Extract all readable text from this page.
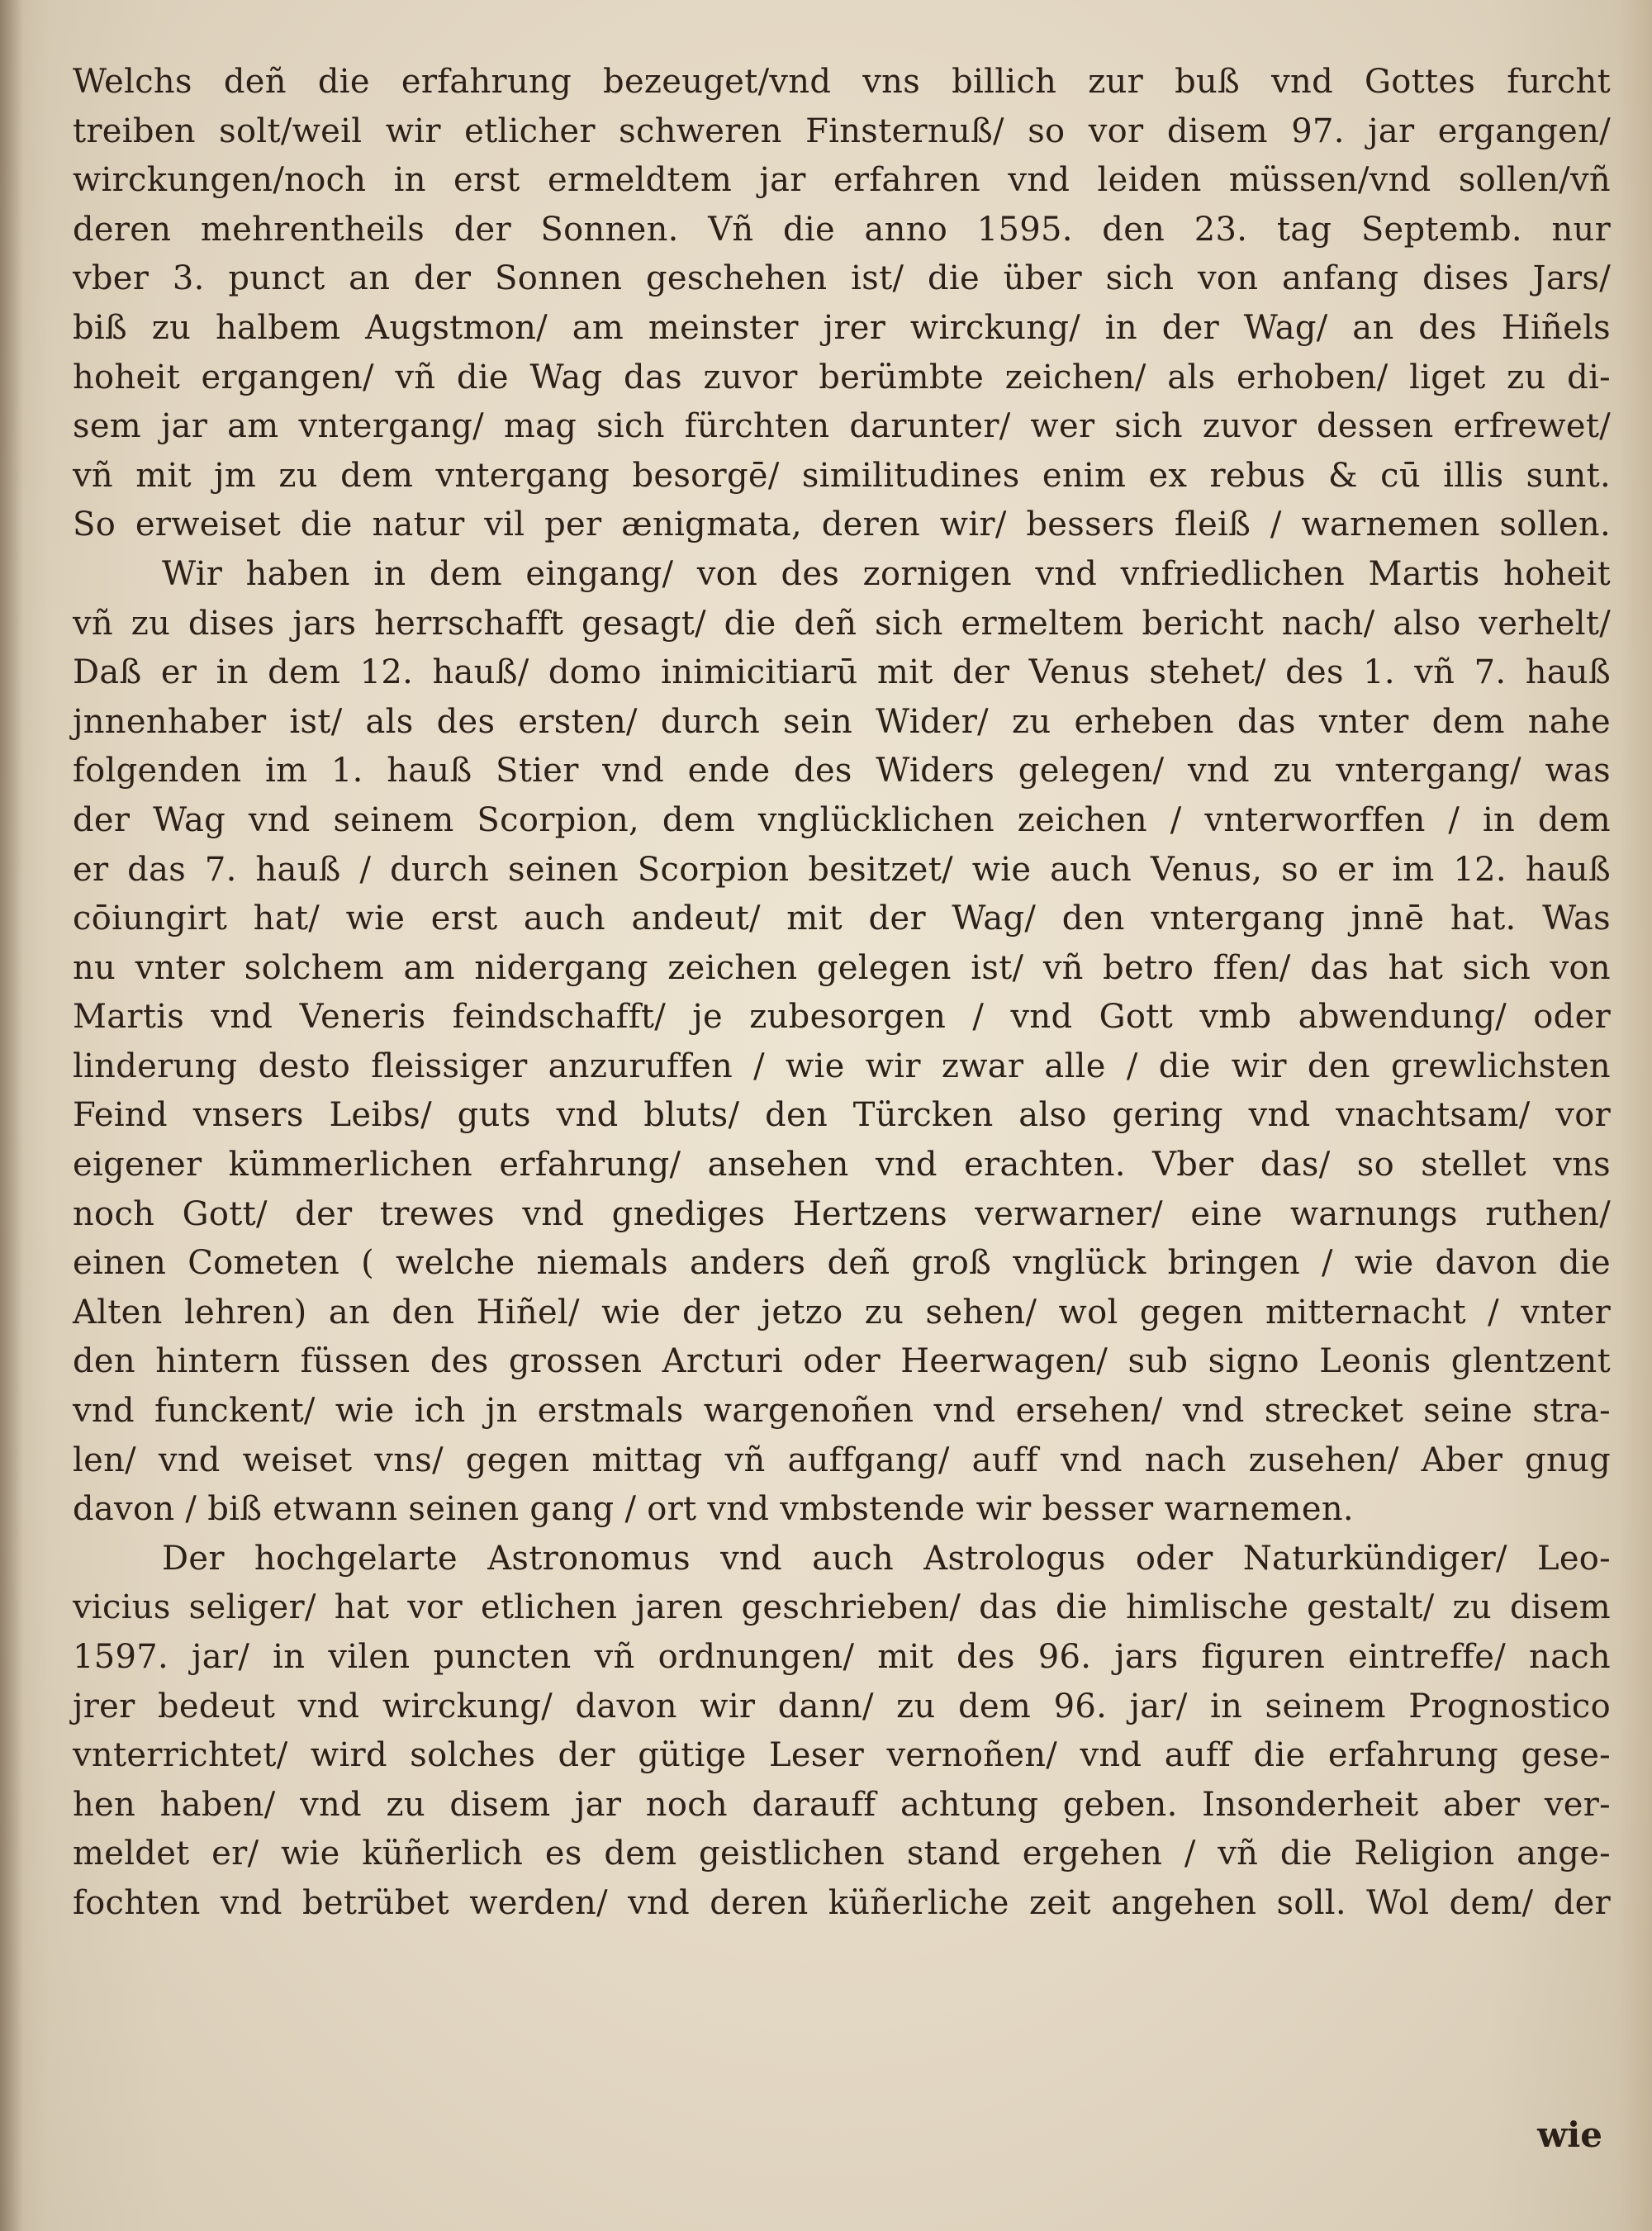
Welchs deñ die erfahrung bezeuget/vnd vns billich zur buß vnd Gottes furcht
treiben solt/weil wir etlicher schweren Finsternuß/ so vor disem 97. jar ergangen/
wirckungen/noch in erst ermeldtem jar erfahren vnd leiden müssen/vnd sollen/vñ
deren mehrentheils der Sonnen. Vñ die anno 1595. den 23. tag Septemb. nur
vber 3. punct an der Sonnen geschehen ist/ die über sich von anfang dises Jars/
biß zu halbem Augstmon/ am meinster jrer wirckung/ in der Wag/ an des Hiñels
hoheit ergangen/ vñ die Wag das zuvor berümbte zeichen/ als erhoben/ liget zu di-
sem jar am vntergang/ mag sich fürchten darunter/ wer sich zuvor dessen erfrewet/
vñ mit jm zu dem vntergang besorgē/ similitudines enim ex rebus & cū illis sunt.
So erweiset die natur vil per ænigmata, deren wir/ bessers fleiß / warnemen sollen.
Wir haben in dem eingang/ von des zornigen vnd vnfriedlichen Martis hoheit
vñ zu dises jars herrschafft gesagt/ die deñ sich ermeltem bericht nach/ also verhelt/
Daß er in dem 12. hauß/ domo inimicitiarū mit der Venus stehet/ des 1. vñ 7. hauß
jnnenhaber ist/ als des ersten/ durch sein Wider/ zu erheben das vnter dem nahe
folgenden im 1. hauß Stier vnd ende des Widers gelegen/ vnd zu vntergang/ was
der Wag vnd seinem Scorpion, dem vnglücklichen zeichen / vnterworffen / in dem
er das 7. hauß / durch seinen Scorpion besitzet/ wie auch Venus, so er im 12. hauß
cōiungirt hat/ wie erst auch andeut/ mit der Wag/ den vntergang jnnē hat. Was
nu vnter solchem am nidergang zeichen gelegen ist/ vñ betro ffen/ das hat sich von
Martis vnd Veneris feindschafft/ je zubesorgen / vnd Gott vmb abwendung/ oder
linderung desto fleissiger anzuruffen / wie wir zwar alle / die wir den grewlichsten
Feind vnsers Leibs/ guts vnd bluts/ den Türcken also gering vnd vnachtsam/ vor
eigener kümmerlichen erfahrung/ ansehen vnd erachten. Vber das/ so stellet vns
noch Gott/ der trewes vnd gnediges Hertzens verwarner/ eine warnungs ruthen/
einen Cometen ( welche niemals anders deñ groß vnglück bringen / wie davon die
Alten lehren) an den Hiñel/ wie der jetzo zu sehen/ wol gegen mitternacht / vnter
den hintern füssen des grossen Arcturi oder Heerwagen/ sub signo Leonis glentzent
vnd funckent/ wie ich jn erstmals wargenoñen vnd ersehen/ vnd strecket seine stra-
len/ vnd weiset vns/ gegen mittag vñ auffgang/ auff vnd nach zusehen/ Aber gnug
davon / biß etwann seinen gang / ort vnd vmbstende wir besser warnemen.
Der hochgelarte Astronomus vnd auch Astrologus oder Naturkündiger/ Leo-
vicius seliger/ hat vor etlichen jaren geschrieben/ das die himlische gestalt/ zu disem
1597. jar/ in vilen puncten vñ ordnungen/ mit des 96. jars figuren eintreffe/ nach
jrer bedeut vnd wirckung/ davon wir dann/ zu dem 96. jar/ in seinem Prognostico
vnterrichtet/ wird solches der gütige Leser vernoñen/ vnd auff die erfahrung gese-
hen haben/ vnd zu disem jar noch darauff achtung geben. Insonderheit aber ver-
meldet er/ wie küñerlich es dem geistlichen stand ergehen / vñ die Religion ange-
fochten vnd betrübet werden/ vnd deren küñerliche zeit angehen soll. Wol dem/ der
wie
